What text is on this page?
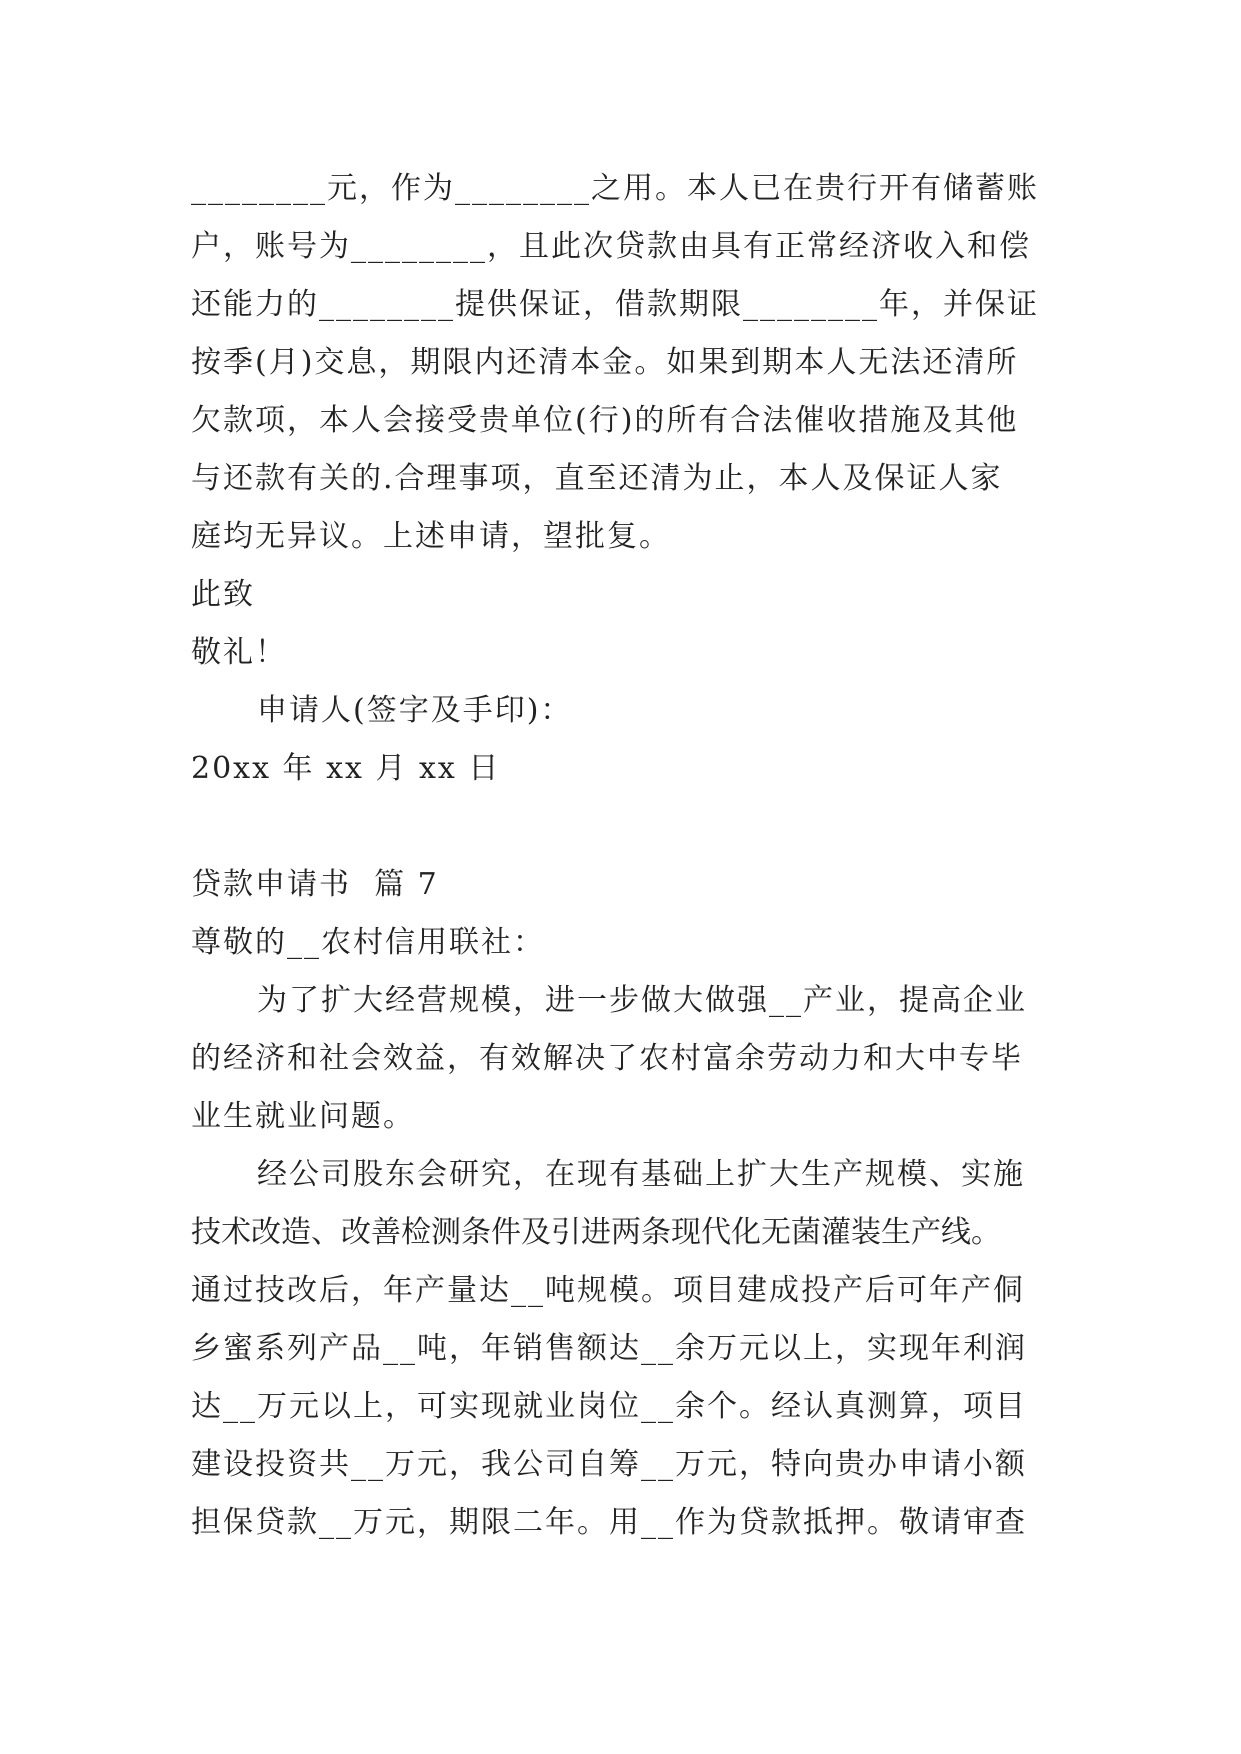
________元，作为________之用。本人已在贵行开有储蓄账
户，账号为________，且此次贷款由具有正常经济收入和偿
还能力的________提供保证，借款期限________年，并保证
按季(月)交息，期限内还清本金。如果到期本人无法还清所
欠款项，本人会接受贵单位(行)的所有合法催收措施及其他
与还款有关的.合理事项，直至还清为止，本人及保证人家
庭均无异议。上述申请，望批复。
此致
敬礼！
申请人(签字及手印)：
20xx 年 xx 月 xx 日
贷款申请书  篇 7
尊敬的__农村信用联社：
为了扩大经营规模，进一步做大做强__产业，提高企业
的经济和社会效益，有效解决了农村富余劳动力和大中专毕
业生就业问题。
经公司股东会研究，在现有基础上扩大生产规模、实施
技术改造、改善检测条件及引进两条现代化无菌灌装生产线。
通过技改后，年产量达__吨规模。项目建成投产后可年产侗
乡蜜系列产品__吨，年销售额达__余万元以上，实现年利润
达__万元以上，可实现就业岗位__余个。经认真测算，项目
建设投资共__万元，我公司自筹__万元，特向贵办申请小额
担保贷款__万元，期限二年。用__作为贷款抵押。敬请审查
